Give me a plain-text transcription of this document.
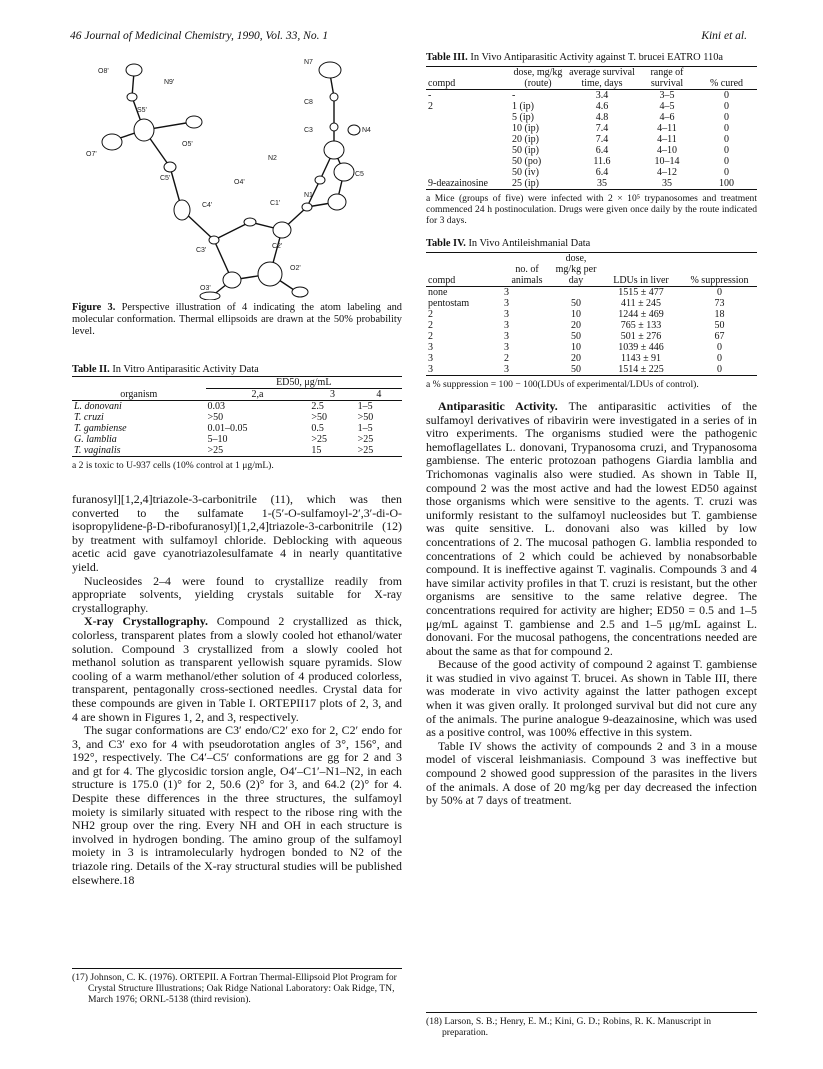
46 Journal of Medicinal Chemistry, 1990, Vol. 33, No. 1	Kini et al.
N7
C8
C3	N4
C5
N2
N1
C1'
O4'
C4'
C5'
O5'
S5'
N9'
O8'
O7'
C3'
C2'
O2'
O3'
Figure 3. Perspective illustration of 4 indicating the atom labeling and molecular conformation. Thermal ellipsoids are drawn at the 50% probability level.
Table II. In Vitro Antiparasitic Activity Data
	ED50, μg/mL		
organism	2,a	3	4
L. donovani	0.03	2.5	1–5
T. cruzi	>50	>50	>50
T. gambiense	0.01–0.05	0.5	1–5
G. lamblia	5–10	>25	>25
T. vaginalis	>25	15	>25
a 2 is toxic to U-937 cells (10% control at 1 μg/mL).

furanosyl][1,2,4]triazole-3-carbonitrile (11), which was then converted to the sulfamate 1-(5′-O-sulfamoyl-2′,3′-di-O-isopropylidene-β-D-ribofuranosyl)[1,2,4]triazole-3-carbonitrile (12) by treatment with sulfamoyl chloride. Deblocking with aqueous acetic acid gave cyanotriazolesulfamate 4 in nearly quantitative yield.

Nucleosides 2–4 were found to crystallize readily from appropriate solvents, yielding crystals suitable for X-ray crystallography.

X-ray Crystallography. Compound 2 crystallized as thick, colorless, transparent plates from a slowly cooled hot ethanol/water solution. Compound 3 crystallized from a slowly cooled hot methanol solution as transparent yellowish square pyramids. Slow cooling of a warm methanol/ether solution of 4 produced colorless, transparent, pentagonally cross-sectioned needles. Crystal data for these compounds are given in Table I. ORTEPII17 plots of 2, 3, and 4 are shown in Figures 1, 2, and 3, respectively.

The sugar conformations are C3′ endo/C2′ exo for 2, C2′ endo for 3, and C3′ exo for 4 with pseudorotation angles of 3°, 156°, and 192°, respectively. The C4′–C5′ conformations are gg for 2 and 3 and gt for 4. The glycosidic torsion angle, O4′–C1′–N1–N2, in each structure is 175.0 (1)° for 2, 50.6 (2)° for 3, and 64.2 (2)° for 4. Despite these differences in the three structures, the sulfamoyl moiety is similarly situated with respect to the ribose ring with the NH2 group over the ring. Every NH and OH in each structure is involved in hydrogen bonding. The amino group of the sulfamoyl moiety in 3 is intramolecularly hydrogen bonded to N2 of the triazole ring. Details of the X-ray structural studies will be published elsewhere.18

(17) Johnson, C. K. (1976). ORTEPII. A Fortran Thermal-Ellipsoid Plot Program for Crystal Structure Illustrations; Oak Ridge National Laboratory: Oak Ridge, TN, March 1976; ORNL-5138 (third revision).
Table III. In Vivo Antiparasitic Activity against T. brucei EATRO 110a
compd	dose, mg/kg (route)	average survival time, days	range of survival	% cured
-	-	3.4	3–5	0
2	1 (ip)	4.6	4–5	0
	5 (ip)	4.8	4–6	0
	10 (ip)	7.4	4–11	0
	20 (ip)	7.4	4–11	0
	50 (ip)	6.4	4–10	0
	50 (po)	11.6	10–14	0
	50 (iv)	6.4	4–12	0
9-deazainosine	25 (ip)	35	35	100
a Mice (groups of five) were infected with 2 × 10⁵ trypanosomes and treatment commenced 24 h postinoculation. Drugs were given once daily by the route indicated for 3 days.
Table IV. In Vivo Antileishmanial Data
compd	no. of animals	dose, mg/kg per day	LDUs in liver	% suppression
none	3		1515 ± 477	0
pentostam	3	50	411 ± 245	73
2	3	10	1244 ± 469	18
2	3	20	765 ± 133	50
2	3	50	501 ± 276	67
3	3	10	1039 ± 446	0
3	2	20	1143 ± 91	0
3	3	50	1514 ± 225	0
a % suppression = 100 − 100(LDUs of experimental/LDUs of control).

Antiparasitic Activity. The antiparasitic activities of the sulfamoyl derivatives of ribavirin were investigated in a series of in vitro experiments. The organisms studied were the pathogenic hemoflagellates L. donovani, Trypanosoma cruzi, and Trypanosoma gambiense. The enteric protozoan pathogens Giardia lamblia and Trichomonas vaginalis also were studied. As shown in Table II, compound 2 was the most active and had the lowest ED50 against those organisms which were sensitive to the agents. T. cruzi was uniformly resistant to the sulfamoyl nucleosides but T. gambiense was quite sensitive. L. donovani also was killed by low concentrations of 2. The mucosal pathogen G. lamblia responded to concentrations of 2 which could be achieved by nonabsorbable compound. It is ineffective against T. vaginalis. Compounds 3 and 4 have similar activity profiles in that T. cruzi is resistant, but the other organisms are sensitive to the same relative degree. The concentrations required for activity are higher; ED50 = 0.5 and 1–5 μg/mL against T. gambiense and 2.5 and 1–5 μg/mL against L. donovani. For the mucosal pathogens, the concentrations needed are about the same as that for compound 2.

Because of the good activity of compound 2 against T. gambiense it was studied in vivo against T. brucei. As shown in Table III, there was moderate in vivo activity against the latter pathogen except when it was given orally. It prolonged survival but did not cure any of the animals. The purine analogue 9-deazainosine, which was used as a positive control, was 100% effective in this system.

Table IV shows the activity of compounds 2 and 3 in a mouse model of visceral leishmaniasis. Compound 3 was ineffective but compound 2 showed good suppression of the parasites in the livers of the animals. A dose of 20 mg/kg per day decreased the infection by 50% at 7 days of treatment.

(18) Larson, S. B.; Henry, E. M.; Kini, G. D.; Robins, R. K. Manuscript in preparation.
